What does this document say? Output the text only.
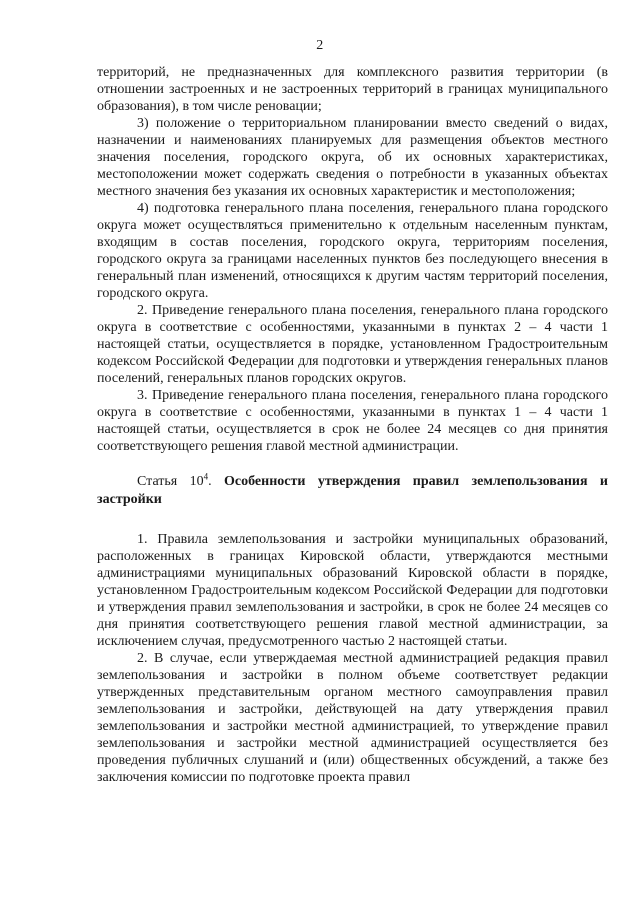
2

территорий, не предназначенных для комплексного развития территории (в отношении застроенных и не застроенных территорий в границах муниципального образования), в том числе реновации;

3) положение о территориальном планировании вместо сведений о видах, назначении и наименованиях планируемых для размещения объектов местного значения поселения, городского округа, об их основных характеристиках, местоположении может содержать сведения о потребности в указанных объектах местного значения без указания их основных характеристик и местоположения;

4) подготовка генерального плана поселения, генерального плана городского округа может осуществляться применительно к отдельным населенным пунктам, входящим в состав поселения, городского округа, территориям поселения, городского округа за границами населенных пунктов без последующего внесения в генеральный план изменений, относящихся к другим частям территорий поселения, городского округа.

2. Приведение генерального плана поселения, генерального плана городского округа в соответствие с особенностями, указанными в пунктах 2 – 4 части 1 настоящей статьи, осуществляется в порядке, установленном Градостроительным кодексом Российской Федерации для подготовки и утверждения генеральных планов поселений, генеральных планов городских округов.

3. Приведение генерального плана поселения, генерального плана городского округа в соответствие с особенностями, указанными в пунктах 1 – 4 части 1 настоящей статьи, осуществляется в срок не более 24 месяцев со дня принятия соответствующего решения главой местной администрации.

Статья $10^4$. Особенности утверждения правил землепользования и застройки

1. Правила землепользования и застройки муниципальных образований, расположенных в границах Кировской области, утверждаются местными администрациями муниципальных образований Кировской области в порядке, установленном Градостроительным кодексом Российской Федерации для подготовки и утверждения правил землепользования и застройки, в срок не более 24 месяцев со дня принятия соответствующего решения главой местной администрации, за исключением случая, предусмотренного частью 2 настоящей статьи.

2. В случае, если утверждаемая местной администрацией редакция правил землепользования и застройки в полном объеме соответствует редакции утвержденных представительным органом местного самоуправления правил землепользования и застройки, действующей на дату утверждения правил землепользования и застройки местной администрацией, то утверждение правил землепользования и застройки местной администрацией осуществляется без проведения публичных слушаний и (или) общественных обсуждений, а также без заключения комиссии по подготовке проекта правил
